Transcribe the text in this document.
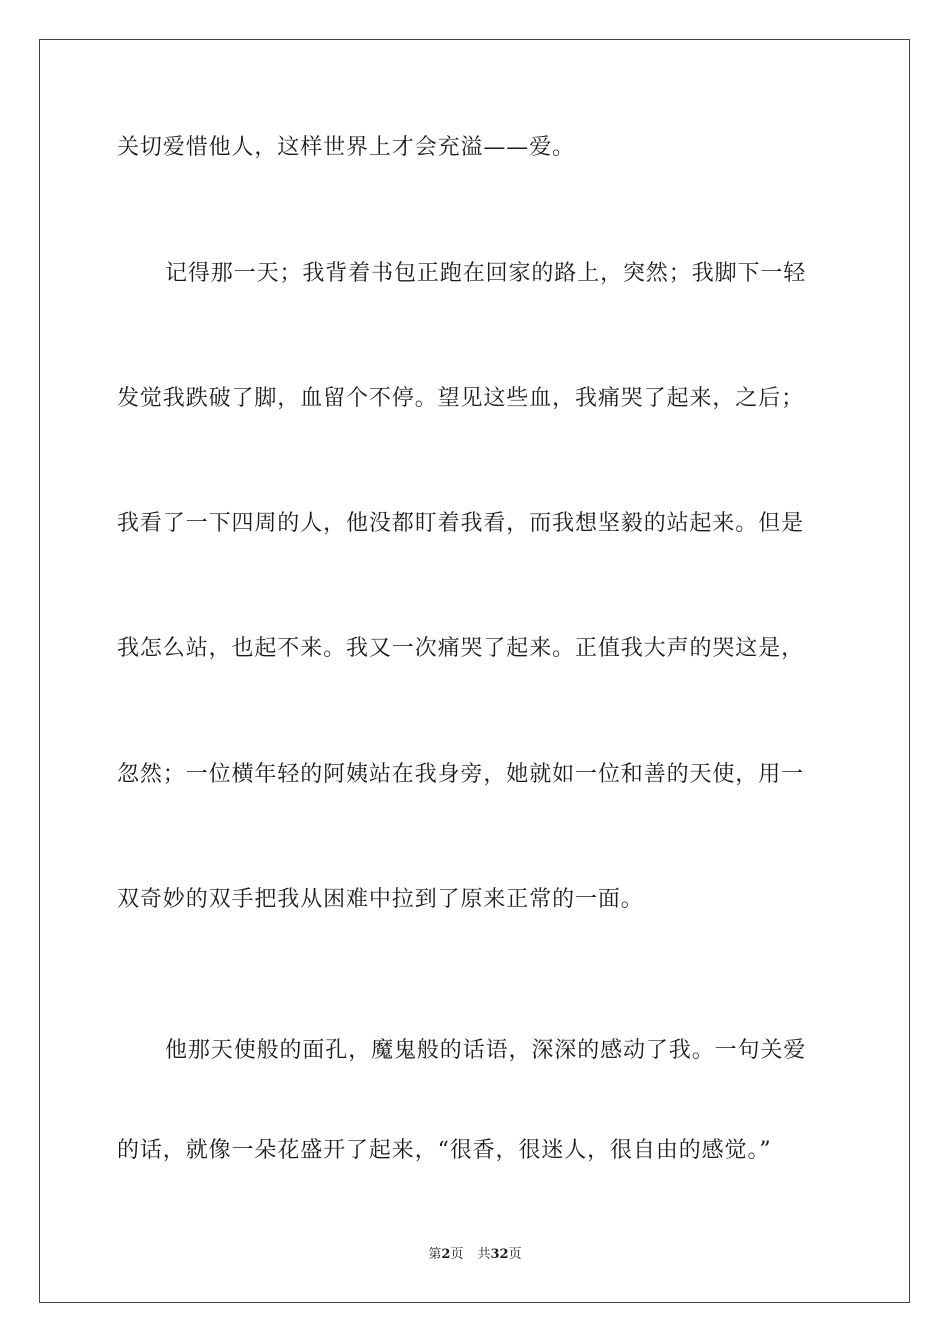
关切爱惜他人，这样世界上才会充溢——爱。
记得那一天；我背着书包正跑在回家的路上，突然；我脚下一轻
发觉我跌破了脚，血留个不停。望见这些血，我痛哭了起来，之后；
我看了一下四周的人，他没都盯着我看，而我想坚毅的站起来。但是
我怎么站，也起不来。我又一次痛哭了起来。正值我大声的哭这是，
忽然；一位横年轻的阿姨站在我身旁，她就如一位和善的天使，用一
双奇妙的双手把我从困难中拉到了原来正常的一面。
他那天使般的面孔，魔鬼般的话语，深深的感动了我。一句关爱
的话，就像一朵花盛开了起来，“很香，很迷人，很自由的感觉。”
第2页 共32页
